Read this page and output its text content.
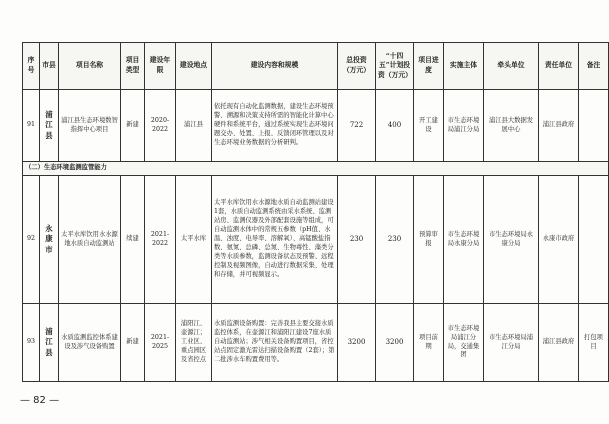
序号	市县	项目名称	项目类型	建设年限	建设地点	建设内容和规模	总投资（万元）	“十四五”计划投资（万元）	项目进度	实施主体	牵头单位	责任单位	备注
91	浦江县	浦江县生态环境数智指挥中心项目	新建	2020-2022	浦江县	依托现有自动化监测数据，建设生态环境预警、溯源和决策支持所需的智能化计算中心硬件和系统平台，通过系统实现生态环境问题交办、处置、上报、反馈闭环管理以及对生态环境业务数据的分析研判。	722	400	开工建设	市生态环境局浦江分局	浦江县大数据发展中心	浦江县政府	
（二）生态环境监测监管能力													
92	永康市	太平水库饮用水水源地水质自动监测站	续建	2021-2022	太平水库	太平水库饮用水水源地水质自动监测站建设1套，水质自动监测系统由采水系统、监测站房、监测仪器及外部配套设施等组成，可自动监测水体中的常规五参数（pH值、水温、浊度、电导率、溶解氧）、高锰酸盐指数、氨氮、总磷、总氮、生物毒性、藻类分类等水质参数，监测设备状态及预警、远程控制及视频图像，自动进行数据采集、处理和存储，并可视频显示。	230	230	预算审报	市生态环境局永康分局	市生态环境局永康分局	永康市政府	
93	浦江县	水质监测监控体系建设及涉气设备购置	新建	2021-2025	浦阳江、壶源江；工业区、重点园区及省控点	水质监测设备购置：完善我县主要交接水质监控体系，在壶源江和浦阳江建设7座水质自动监测站；涉气相关设备购置项目，省控站点固定激光雷达扫描设备购置（2套）；第二批涉水车购置费用等。	3200	3200	项目前期	市生态环境局浦江分局，交通集团	市生态环境局浦江分局	浦江县政府	打包项目
— 82 —
